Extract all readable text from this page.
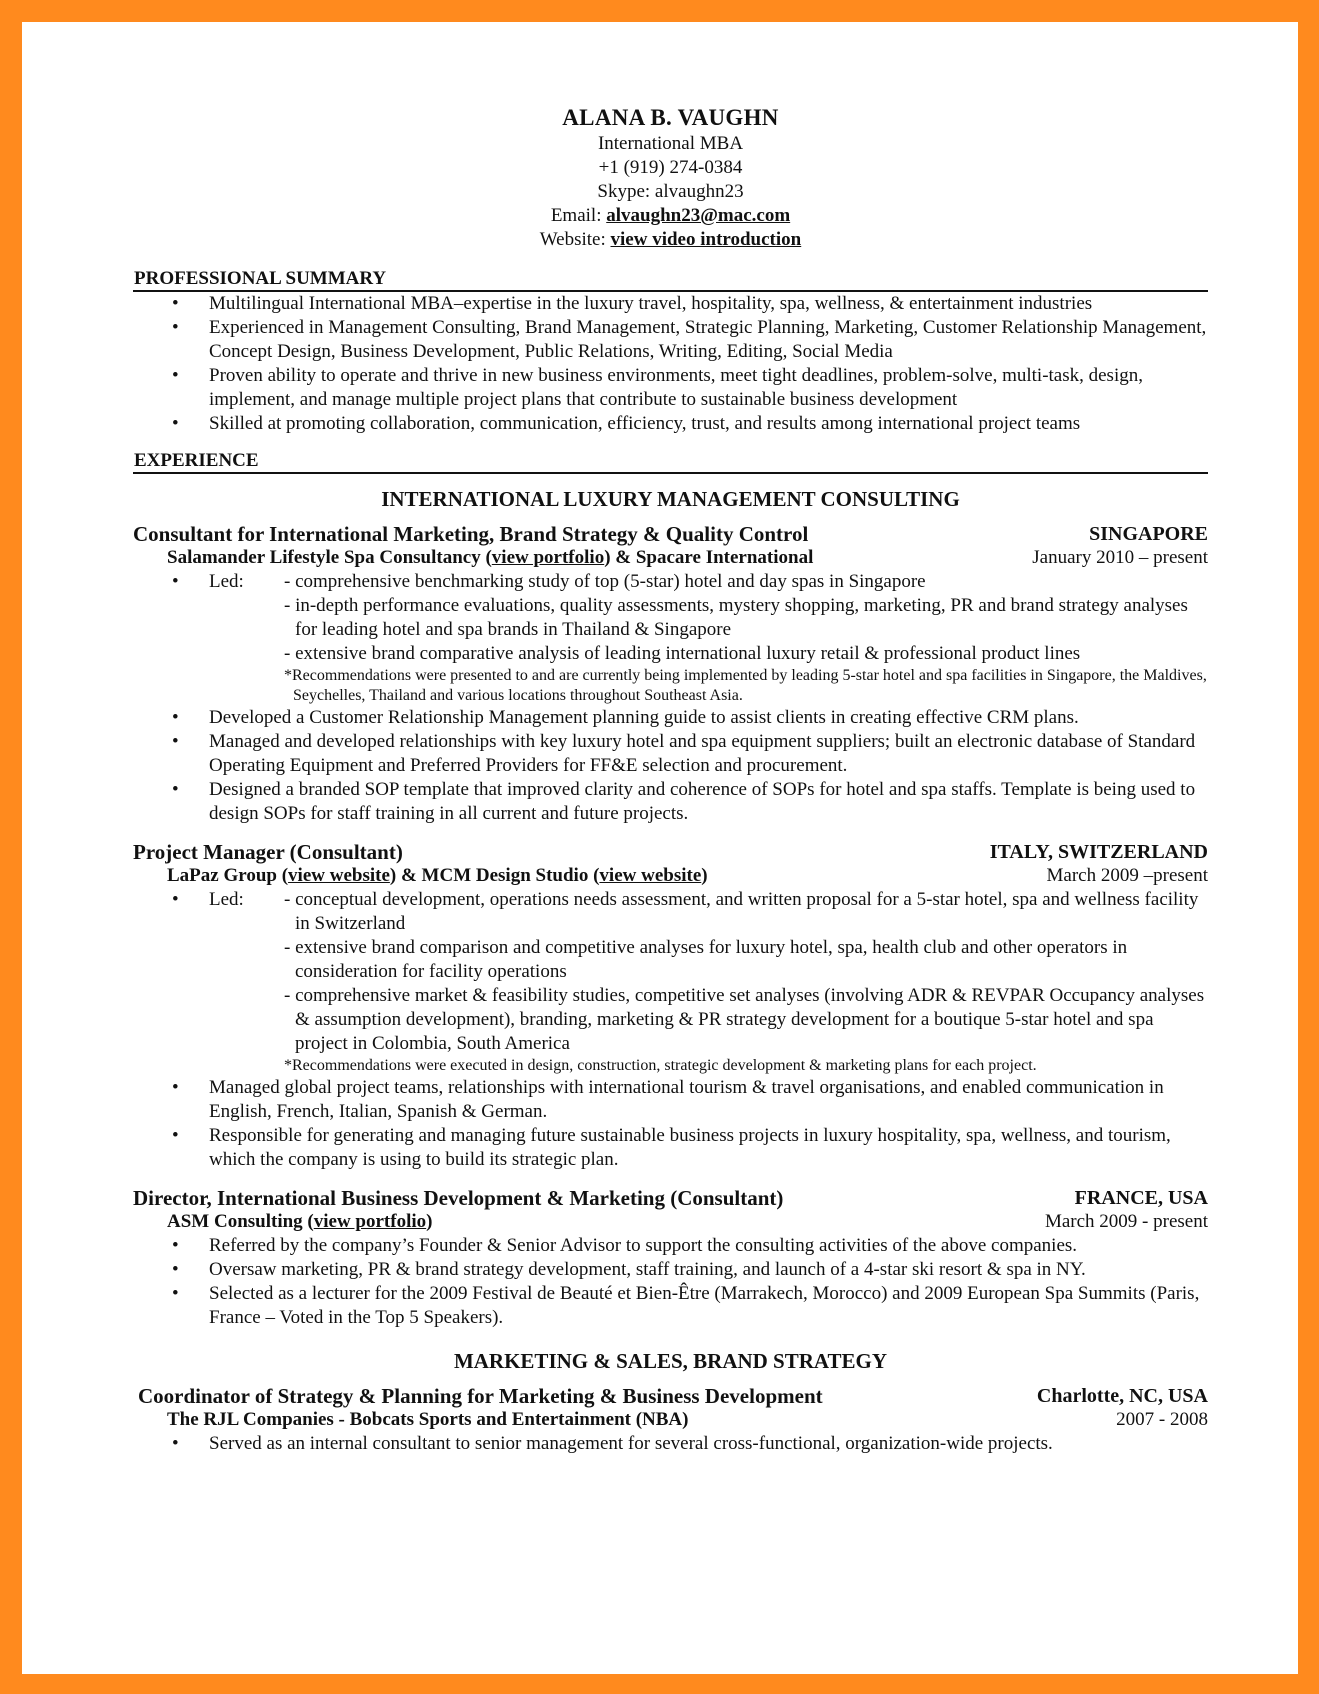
ALANA B. VAUGHN
International MBA
+1 (919) 274-0384
Skype: alvaughn23
Email: alvaughn23@mac.com
Website: view video introduction
PROFESSIONAL SUMMARY
• Multilingual International MBA–expertise in the luxury travel, hospitality, spa, wellness, & entertainment industries
• Experienced in Management Consulting, Brand Management, Strategic Planning, Marketing, Customer Relationship Management, Concept Design, Business Development, Public Relations, Writing, Editing, Social Media
• Proven ability to operate and thrive in new business environments, meet tight deadlines, problem-solve, multi-task, design, implement, and manage multiple project plans that contribute to sustainable business development
• Skilled at promoting collaboration, communication, efficiency, trust, and results among international project teams
EXPERIENCE
INTERNATIONAL LUXURY MANAGEMENT CONSULTING
Consultant for International Marketing, Brand Strategy & Quality Control	SINGAPORE
Salamander Lifestyle Spa Consultancy (view portfolio) & Spacare International	January 2010 – present
• Led:	- comprehensive benchmarking study of top (5-star) hotel and day spas in Singapore
- in-depth performance evaluations, quality assessments, mystery shopping, marketing, PR and brand strategy analyses for leading hotel and spa brands in Thailand & Singapore
- extensive brand comparative analysis of leading international luxury retail & professional product lines
*Recommendations were presented to and are currently being implemented by leading 5-star hotel and spa facilities in Singapore, the Maldives, Seychelles, Thailand and various locations throughout Southeast Asia.
• Developed a Customer Relationship Management planning guide to assist clients in creating effective CRM plans.
• Managed and developed relationships with key luxury hotel and spa equipment suppliers; built an electronic database of Standard Operating Equipment and Preferred Providers for FF&E selection and procurement.
• Designed a branded SOP template that improved clarity and coherence of SOPs for hotel and spa staffs. Template is being used to design SOPs for staff training in all current and future projects.
Project Manager (Consultant)	ITALY, SWITZERLAND
LaPaz Group (view website) & MCM Design Studio (view website)	March 2009 –present
• Led:	- conceptual development, operations needs assessment, and written proposal for a 5-star hotel, spa and wellness facility in Switzerland
- extensive brand comparison and competitive analyses for luxury hotel, spa, health club and other operators in consideration for facility operations
- comprehensive market & feasibility studies, competitive set analyses (involving ADR & REVPAR Occupancy analyses & assumption development), branding, marketing & PR strategy development for a boutique 5-star hotel and spa project in Colombia, South America
*Recommendations were executed in design, construction, strategic development & marketing plans for each project.
• Managed global project teams, relationships with international tourism & travel organisations, and enabled communication in English, French, Italian, Spanish & German.
• Responsible for generating and managing future sustainable business projects in luxury hospitality, spa, wellness, and tourism, which the company is using to build its strategic plan.
Director, International Business Development & Marketing (Consultant)	FRANCE, USA
ASM Consulting (view portfolio)	March 2009 - present
• Referred by the company’s Founder & Senior Advisor to support the consulting activities of the above companies.
• Oversaw marketing, PR & brand strategy development, staff training, and launch of a 4-star ski resort & spa in NY.
• Selected as a lecturer for the 2009 Festival de Beauté et Bien-Être (Marrakech, Morocco) and 2009 European Spa Summits (Paris, France – Voted in the Top 5 Speakers).
MARKETING & SALES, BRAND STRATEGY
Coordinator of Strategy & Planning for Marketing & Business Development	Charlotte, NC, USA
The RJL Companies - Bobcats Sports and Entertainment (NBA)	2007 - 2008
• Served as an internal consultant to senior management for several cross-functional, organization-wide projects.
